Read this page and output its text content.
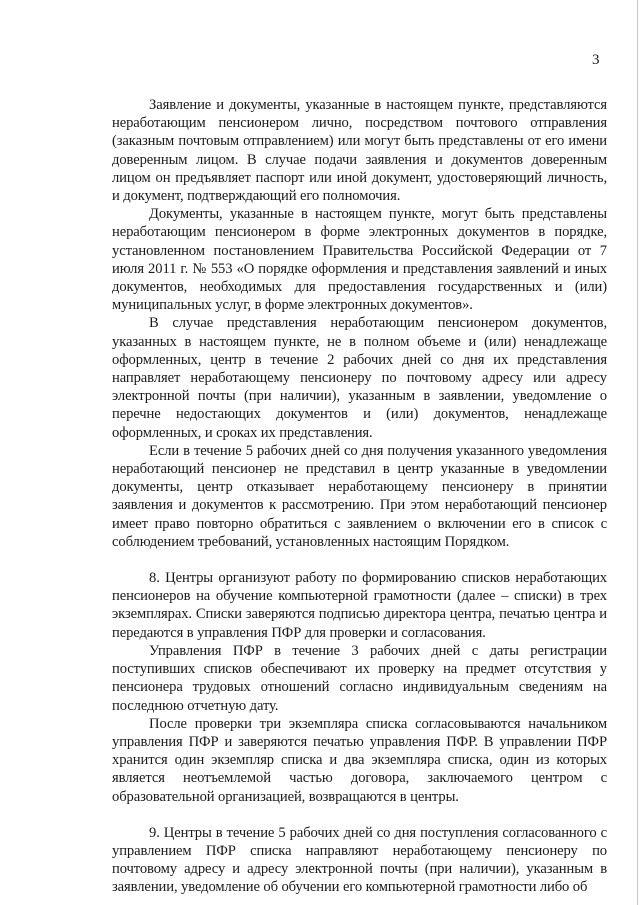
3

Заявление и документы, указанные в настоящем пункте, представляются неработающим пенсионером лично, посредством почтового отправления (заказным почтовым отправлением) или могут быть представлены от его имени доверенным лицом. В случае подачи заявления и документов доверенным лицом он предъявляет паспорт или иной документ, удостоверяющий личность, и документ, подтверждающий его полномочия.

Документы, указанные в настоящем пункте, могут быть представлены неработающим пенсионером в форме электронных документов в порядке, установленном постановлением Правительства Российской Федерации от 7 июля 2011 г. № 553 «О порядке оформления и представления заявлений и иных документов, необходимых для предоставления государственных и (или) муниципальных услуг, в форме электронных документов».

В случае представления неработающим пенсионером документов, указанных в настоящем пункте, не в полном объеме и (или) ненадлежаще оформленных, центр в течение 2 рабочих дней со дня их представления направляет неработающему пенсионеру по почтовому адресу или адресу электронной почты (при наличии), указанным в заявлении, уведомление о перечне недостающих документов и (или) документов, ненадлежаще оформленных, и сроках их представления.

Если в течение 5 рабочих дней со дня получения указанного уведомления неработающий пенсионер не представил в центр указанные в уведомлении документы, центр отказывает неработающему пенсионеру в принятии заявления и документов к рассмотрению. При этом неработающий пенсионер имеет право повторно обратиться с заявлением о включении его в список с соблюдением требований, установленных настоящим Порядком.

8. Центры организуют работу по формированию списков неработающих пенсионеров на обучение компьютерной грамотности (далее – списки) в трех экземплярах. Списки заверяются подписью директора центра, печатью центра и передаются в управления ПФР для проверки и согласования.

Управления ПФР в течение 3 рабочих дней с даты регистрации поступивших списков обеспечивают их проверку на предмет отсутствия у пенсионера трудовых отношений согласно индивидуальным сведениям на последнюю отчетную дату.

После проверки три экземпляра списка согласовываются начальником управления ПФР и заверяются печатью управления ПФР. В управлении ПФР хранится один экземпляр списка и два экземпляра списка, один из которых является неотъемлемой частью договора, заключаемого центром с образовательной организацией, возвращаются в центры.

9. Центры в течение 5 рабочих дней со дня поступления согласованного с управлением ПФР списка направляют неработающему пенсионеру по почтовому адресу и адресу электронной почты (при наличии), указанным в заявлении, уведомление об обучении его компьютерной грамотности либо об
